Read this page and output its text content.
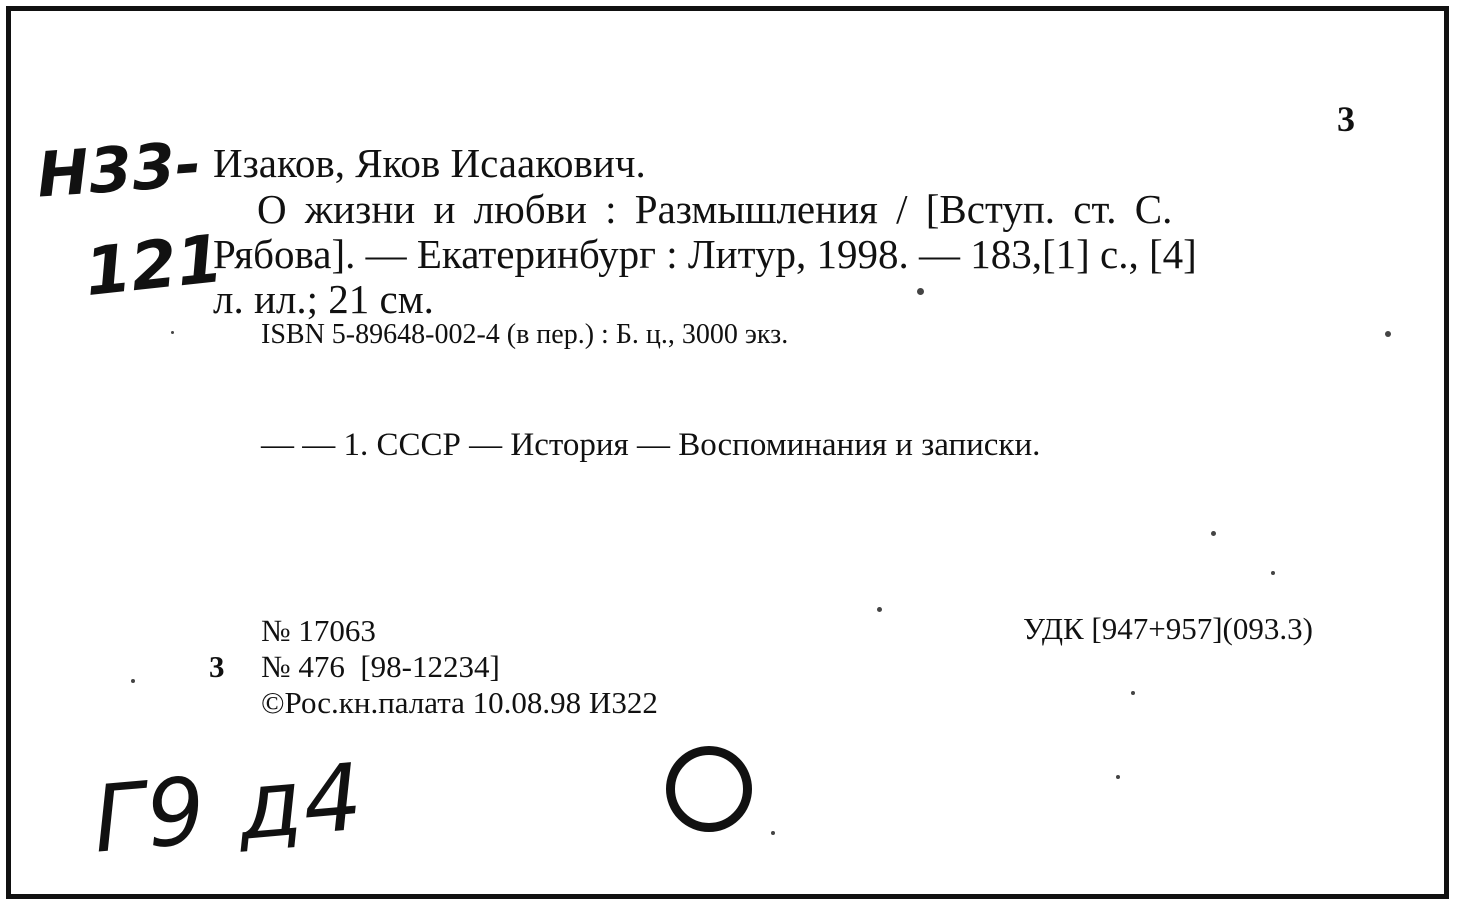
3
Н33-
121
Изаков, Яков Исаакович.
О жизни и любви : Размышления / [Вступ. ст. С.
Рябова]. — Екатеринбург : Литур, 1998. — 183,[1] с., [4]
л. ил.; 21 см.
ISBN 5-89648-002-4 (в пер.) : Б. ц., 3000 экз.
— — 1. СССР — История — Воспоминания и записки.
№ 17063	УДК [947+957](093.3)
3 № 476  [98-12234]
©Рос.кн.палата 10.08.98 И322
Г9 д4
